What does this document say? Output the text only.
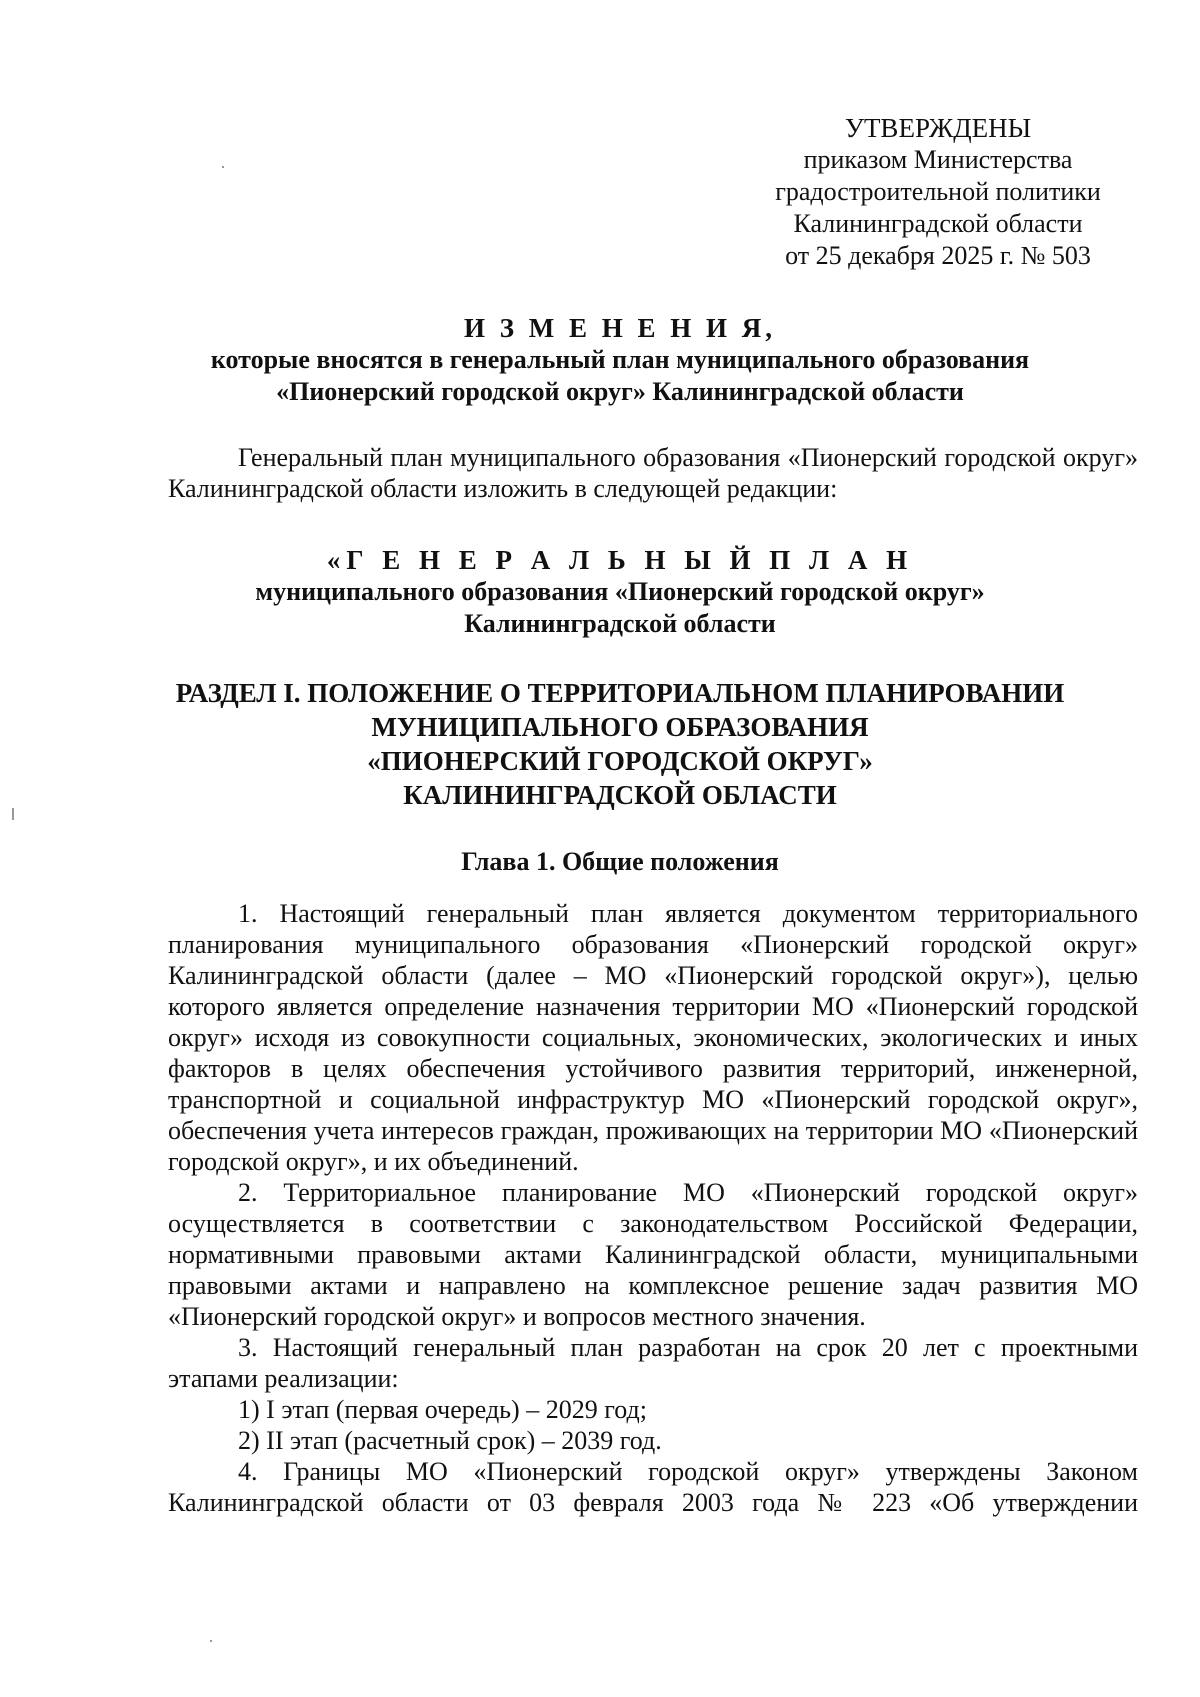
УТВЕРЖДЕНЫ
приказом Министерства
градостроительной политики
Калининградской области
от 25 декабря 2025 г. № 503
И З М Е Н Е Н И Я,
которые вносятся в генеральный план муниципального образования
«Пионерский городской округ» Калининградской области

Генеральный план муниципального образования «Пионерский городской округ» Калининградской области изложить в следующей редакции:

«Г Е Н Е Р А Л Ь Н Ы Й П Л А Н
муниципального образования «Пионерский городской округ»
Калининградской области
РАЗДЕЛ I. ПОЛОЖЕНИЕ О ТЕРРИТОРИАЛЬНОМ ПЛАНИРОВАНИИ
МУНИЦИПАЛЬНОГО ОБРАЗОВАНИЯ
«ПИОНЕРСКИЙ ГОРОДСКОЙ ОКРУГ»
КАЛИНИНГРАДСКОЙ ОБЛАСТИ
Глава 1. Общие положения

1. Настоящий генеральный план является документом территориального планирования муниципального образования «Пионерский городской округ» Калининградской области (далее – МО «Пионерский городской округ»), целью которого является определение назначения территории МО «Пионерский городской округ» исходя из совокупности социальных, экономических, экологических и иных факторов в целях обеспечения устойчивого развития территорий, инженерной, транспортной и социальной инфраструктур МО «Пионерский городской округ», обеспечения учета интересов граждан, проживающих на территории МО «Пионерский городской округ», и их объединений.

2. Территориальное планирование МО «Пионерский городской округ» осуществляется в соответствии с законодательством Российской Федерации, нормативными правовыми актами Калининградской области, муниципальными правовыми актами и направлено на комплексное решение задач развития МО «Пионерский городской округ» и вопросов местного значения.

3. Настоящий генеральный план разработан на срок 20 лет с проектными этапами реализации:

1) I этап (первая очередь) – 2029 год;

2) II этап (расчетный срок) – 2039 год.

4. Границы МО «Пионерский городской округ» утверждены Законом Калининградской области от 03 февраля 2003 года № 223 «Об утверждении
